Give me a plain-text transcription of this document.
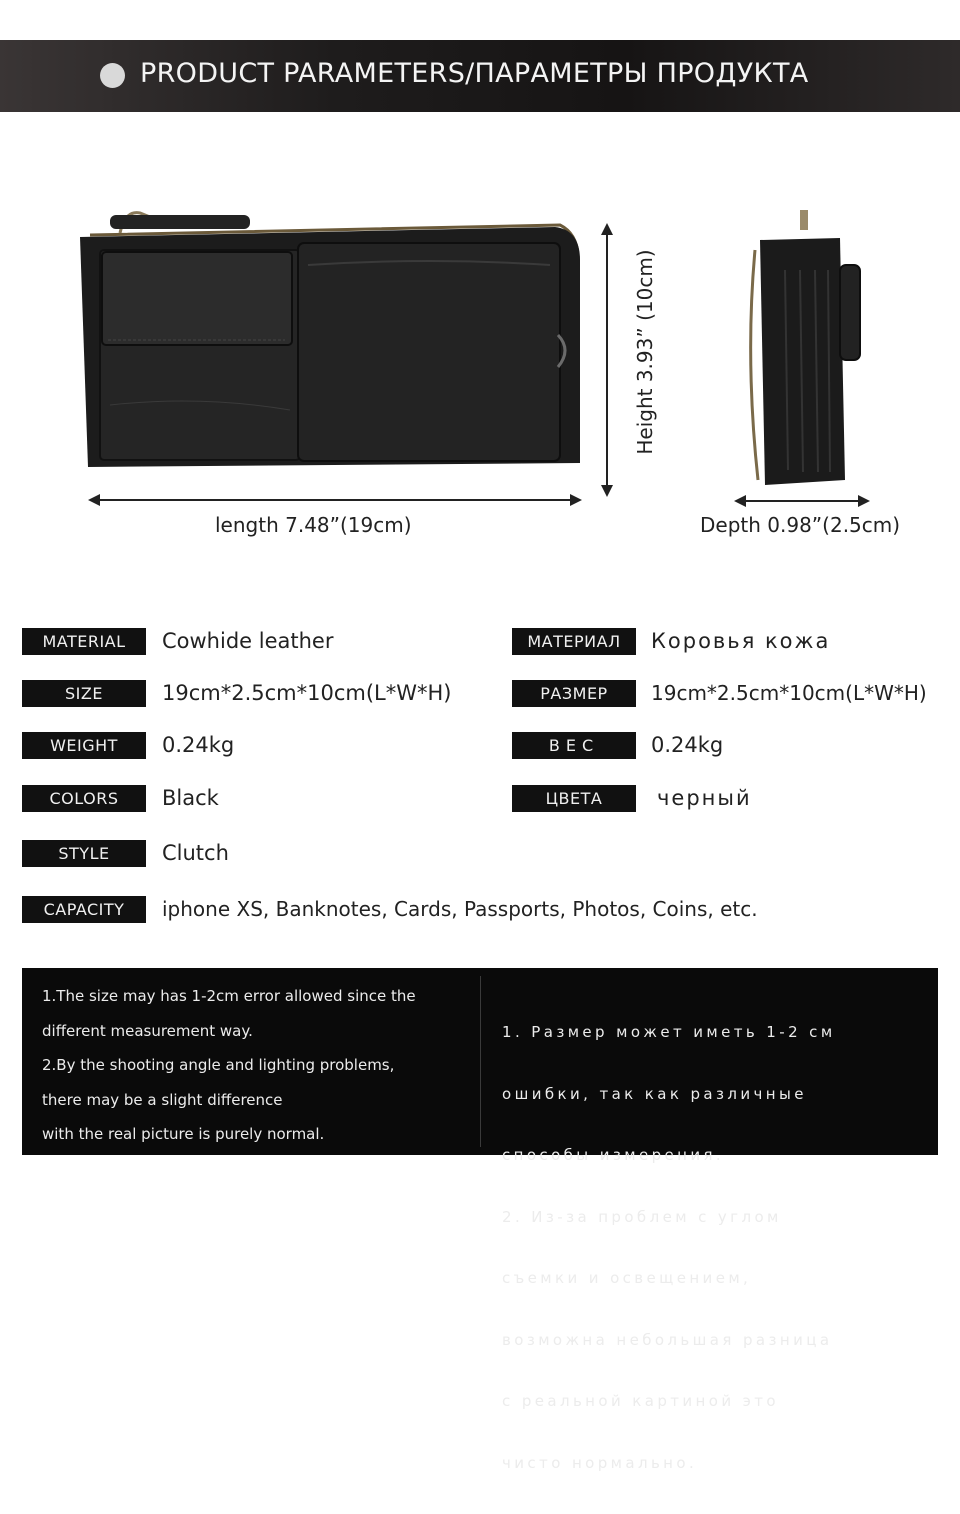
PRODUCT PARAMETERS/ПАРАМЕТРЫ ПРОДУКТА
length 7.48”(19cm)
Height 3.93” (10cm)
Depth 0.98”(2.5cm)
MATERIAL	Cowhide leather
SIZE	19cm*2.5cm*10cm(L*W*H)
WEIGHT	0.24kg
COLORS	Black
STYLE	Clutch
CAPACITY	iphone XS, Banknotes, Cards, Passports, Photos, Coins, etc.
МАТЕРИАЛ	Коровья кожа
РАЗМЕР	19cm*2.5cm*10cm(L*W*H)
ВЕС	0.24kg
ЦВЕТА	черный
1.The size may has 1-2cm error allowed since the
different measurement way.
2.By the shooting angle and lighting problems,
there may be a slight difference
with the real picture is purely normal.

1. Размер может иметь 1-2 см

ошибки, так как различные

способы измерения.

2. Из-за проблем с углом

съемки и освещением,

возможна небольшая разница

с реальной картиной это

чисто нормально.
